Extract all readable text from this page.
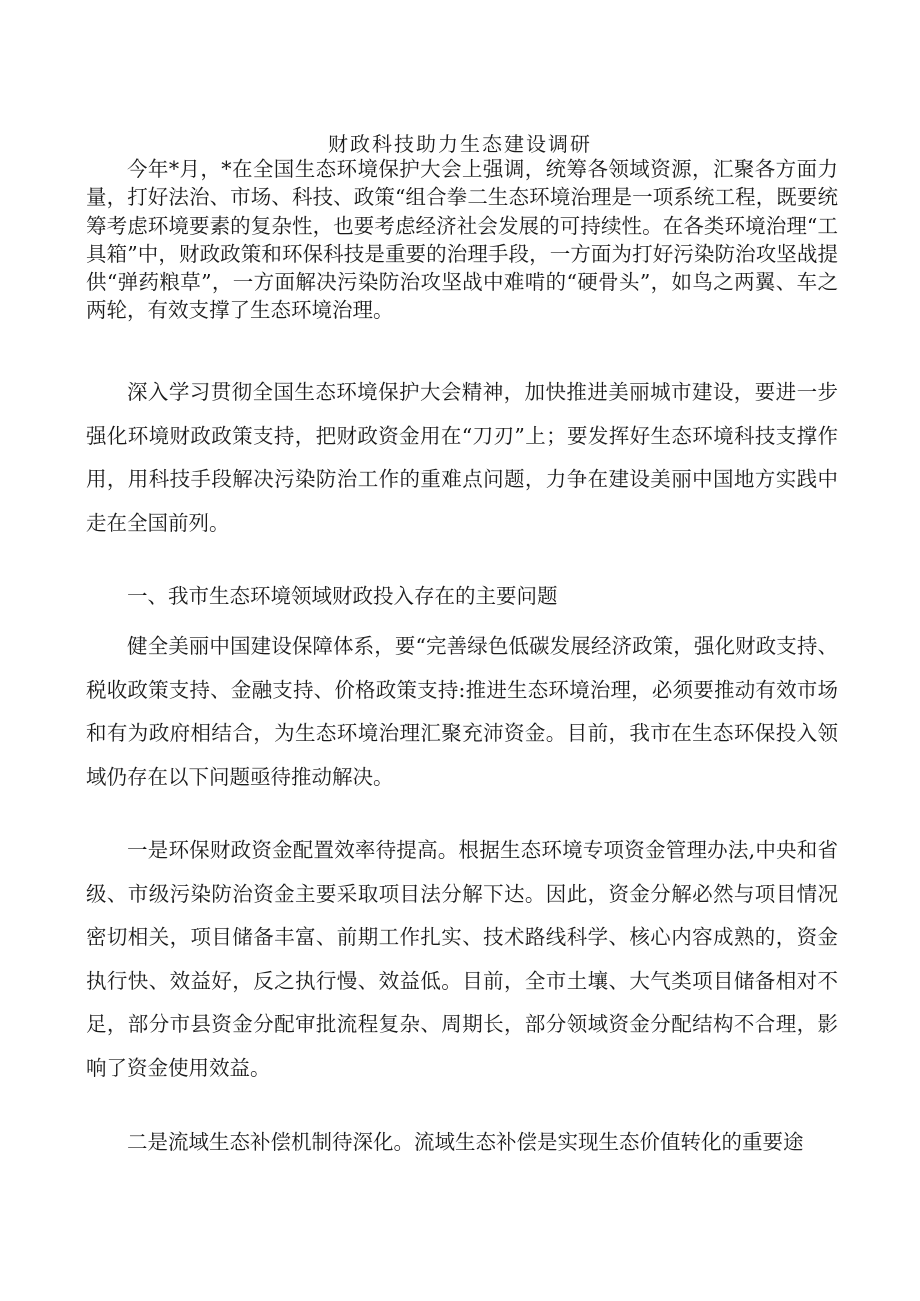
财政科技助力生态建设调研

今年*月，*在全国生态环境保护大会上强调，统筹各领域资源，汇聚各方面力量，打好法治、市场、科技、政策“组合拳二生态环境治理是一项系统工程，既要统筹考虑环境要素的复杂性，也要考虑经济社会发展的可持续性。在各类环境治理“工具箱”中，财政政策和环保科技是重要的治理手段，一方面为打好污染防治攻坚战提供“弹药粮草”，一方面解决污染防治攻坚战中难啃的“硬骨头”，如鸟之两翼、车之两轮，有效支撑了生态环境治理。

深入学习贯彻全国生态环境保护大会精神，加快推进美丽城市建设，要进一步强化环境财政政策支持，把财政资金用在“刀刃”上；要发挥好生态环境科技支撑作用，用科技手段解决污染防治工作的重难点问题，力争在建设美丽中国地方实践中走在全国前列。

一、我市生态环境领域财政投入存在的主要问题

健全美丽中国建设保障体系，要“完善绿色低碳发展经济政策，强化财政支持、税收政策支持、金融支持、价格政策支持:推进生态环境治理，必须要推动有效市场和有为政府相结合，为生态环境治理汇聚充沛资金。目前，我市在生态环保投入领域仍存在以下问题亟待推动解决。

一是环保财政资金配置效率待提高。根据生态环境专项资金管理办法,中央和省级、市级污染防治资金主要采取项目法分解下达。因此，资金分解必然与项目情况密切相关，项目储备丰富、前期工作扎实、技术路线科学、核心内容成熟的，资金执行快、效益好，反之执行慢、效益低。目前，全市土壤、大气类项目储备相对不足，部分市县资金分配审批流程复杂、周期长，部分领域资金分配结构不合理，影响了资金使用效益。

二是流域生态补偿机制待深化。流域生态补偿是实现生态价值转化的重要途
